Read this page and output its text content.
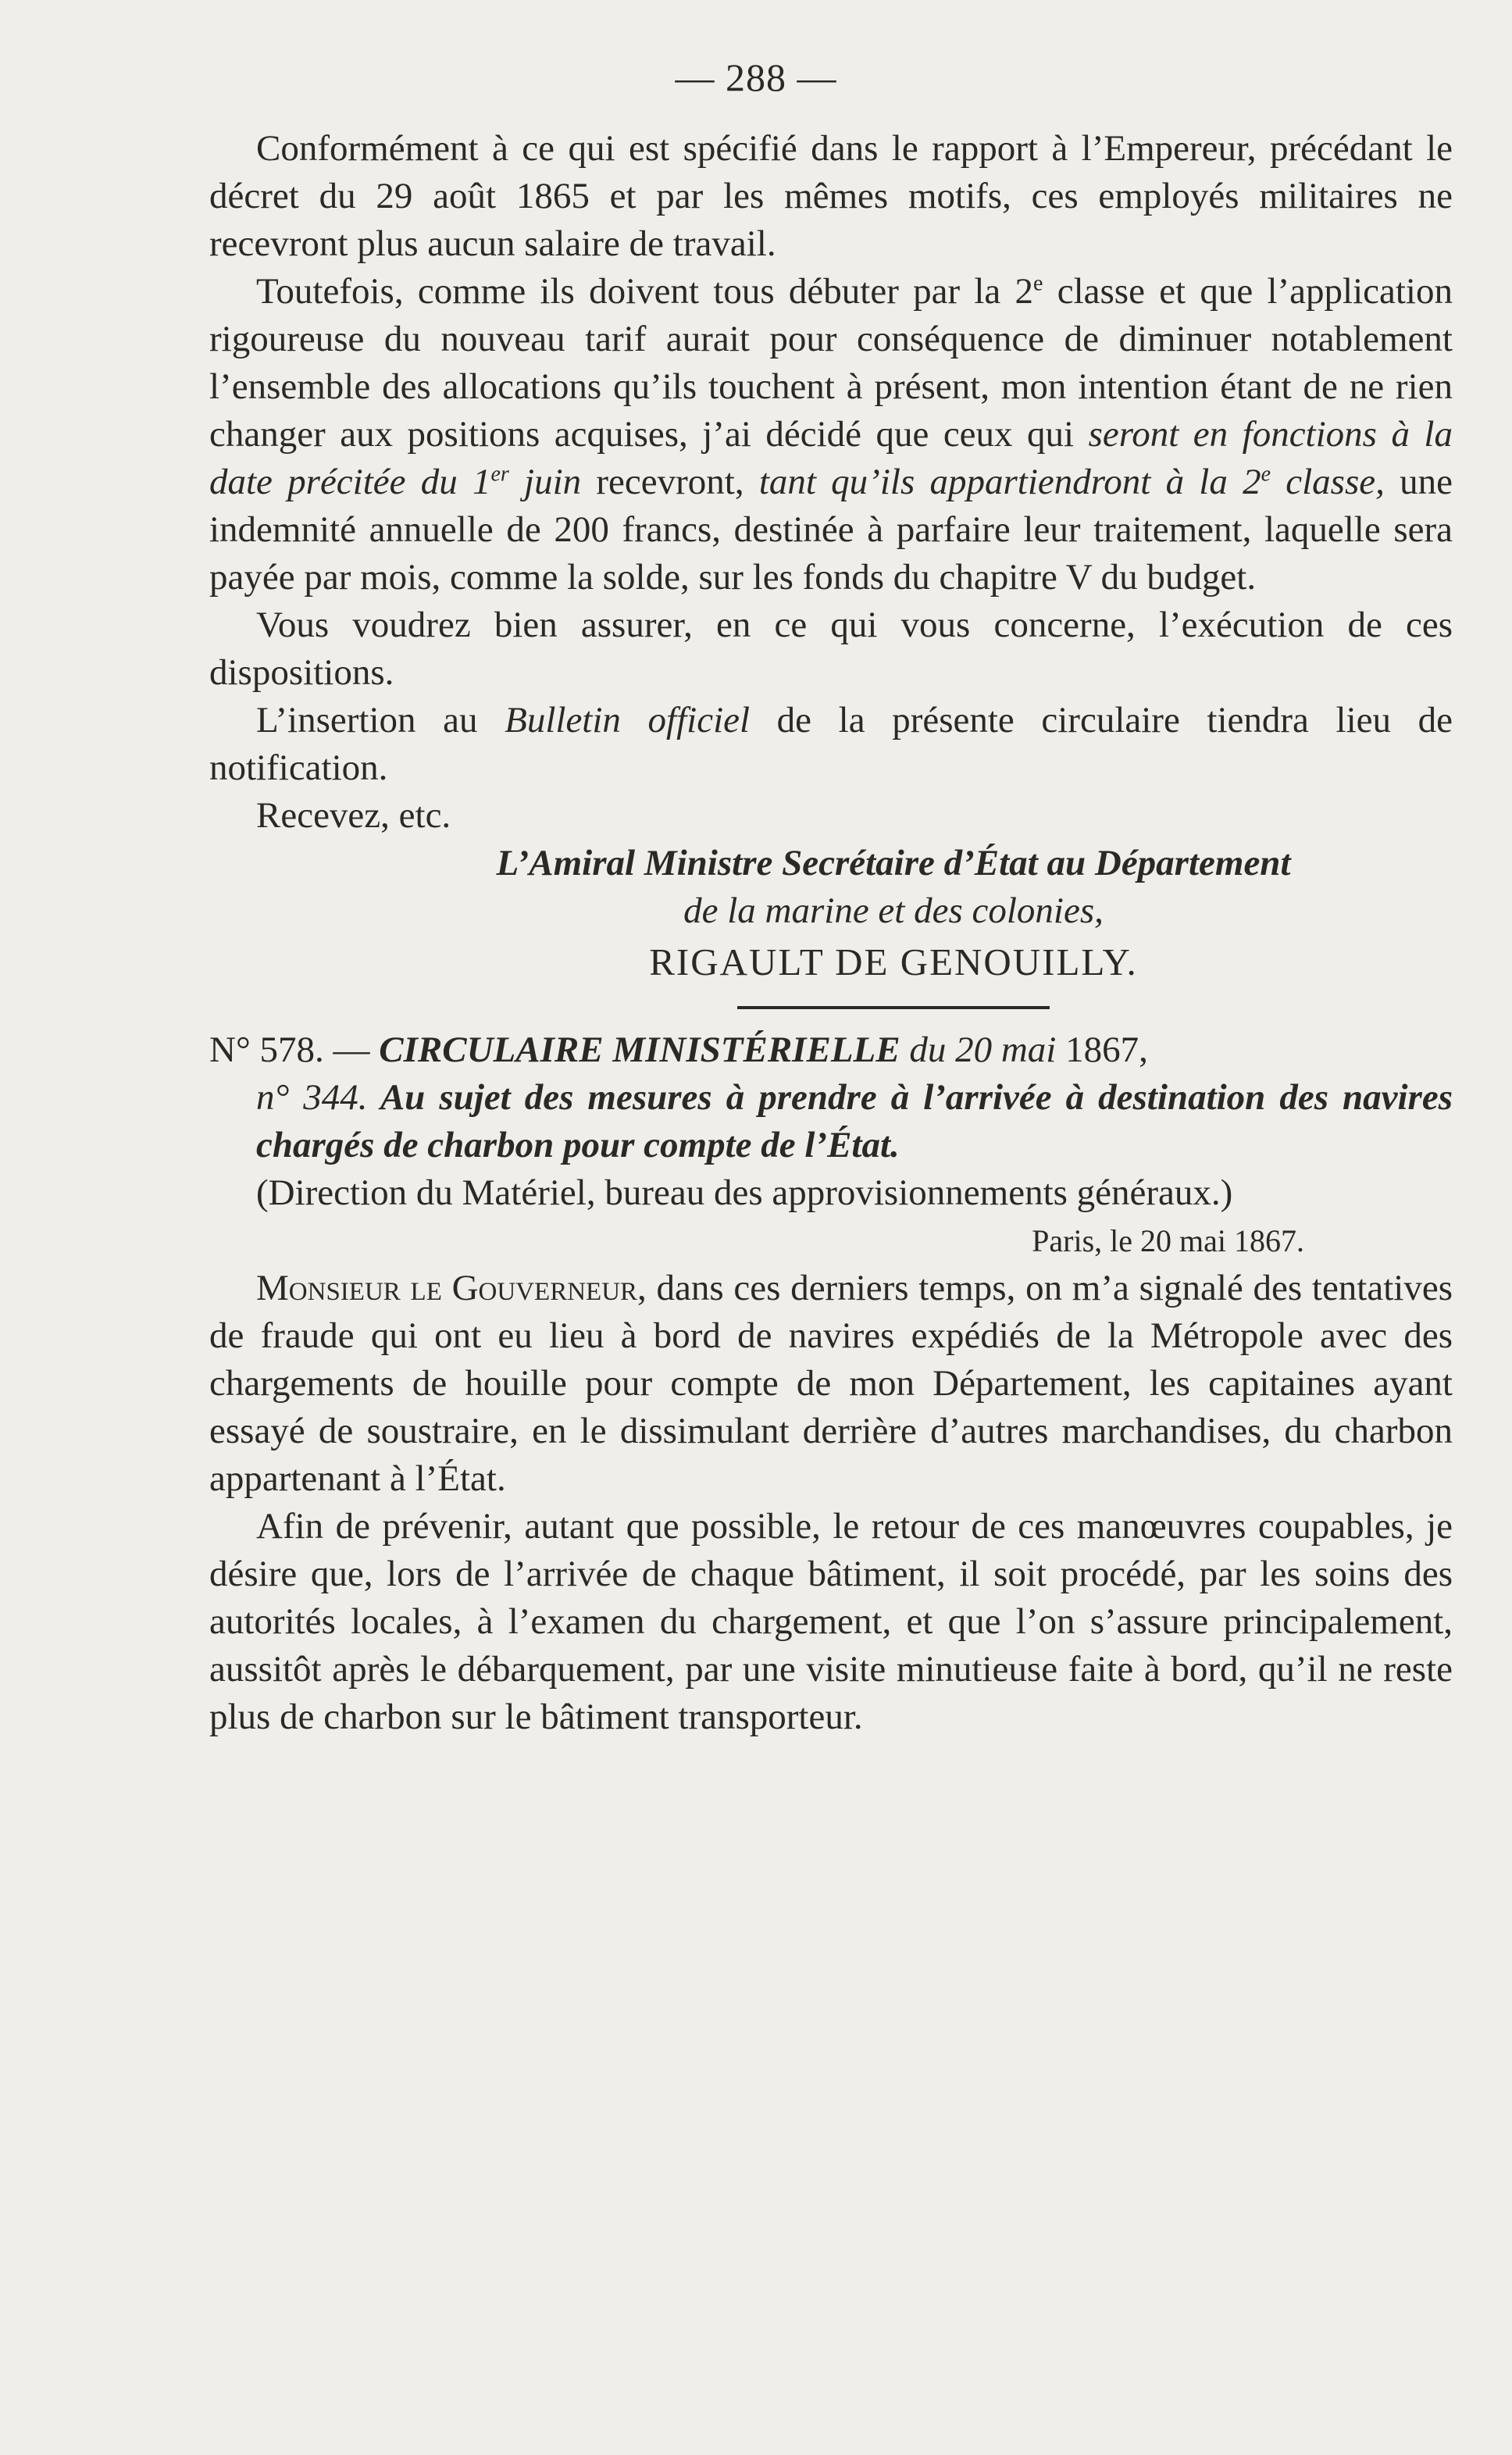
— 288 —

Conformément à ce qui est spécifié dans le rapport à l’Empereur, précédant le décret du 29 août 1865 et par les mêmes motifs, ces employés militaires ne recevront plus aucun salaire de travail.

Toutefois, comme ils doivent tous débuter par la 2e classe et que l’application rigoureuse du nouveau tarif aurait pour conséquence de diminuer notablement l’ensemble des allocations qu’ils touchent à présent, mon intention étant de ne rien changer aux positions acquises, j’ai décidé que ceux qui seront en fonctions à la date précitée du 1er juin recevront, tant qu’ils appartiendront à la 2e classe, une indemnité annuelle de 200 francs, destinée à parfaire leur traitement, laquelle sera payée par mois, comme la solde, sur les fonds du chapitre V du budget.

Vous voudrez bien assurer, en ce qui vous concerne, l’exécution de ces dispositions.

L’insertion au Bulletin officiel de la présente circulaire tiendra lieu de notification.

Recevez, etc.

L’Amiral Ministre Secrétaire d’État au Département

de la marine et des colonies,

RIGAULT DE GENOUILLY.

N° 578. — CIRCULAIRE MINISTÉRIELLE du 20 mai 1867,

n° 344. Au sujet des mesures à prendre à l’arrivée à destination des navires chargés de charbon pour compte de l’État.

(Direction du Matériel, bureau des approvisionnements généraux.)

Paris, le 20 mai 1867.

Monsieur le Gouverneur, dans ces derniers temps, on m’a signalé des tentatives de fraude qui ont eu lieu à bord de navires expédiés de la Métropole avec des chargements de houille pour compte de mon Département, les capitaines ayant essayé de soustraire, en le dissimulant derrière d’autres marchandises, du charbon appartenant à l’État.

Afin de prévenir, autant que possible, le retour de ces manœuvres coupables, je désire que, lors de l’arrivée de chaque bâtiment, il soit procédé, par les soins des autorités locales, à l’examen du chargement, et que l’on s’assure principalement, aussitôt après le débarquement, par une visite minutieuse faite à bord, qu’il ne reste plus de charbon sur le bâtiment transporteur.
